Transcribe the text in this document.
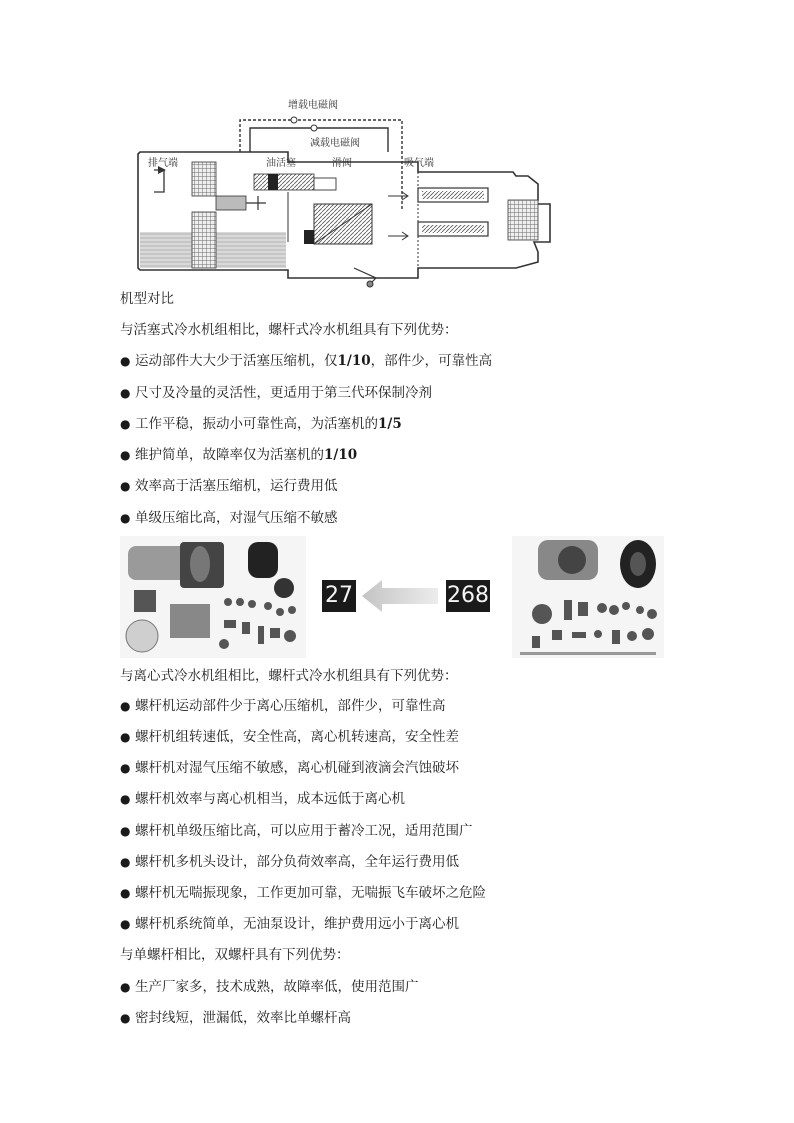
增载电磁阀
减载电磁阀
排气端	油活塞	滑阀	吸气端
机型对比
与活塞式冷水机组相比，螺杆式冷水机组具有下列优势：
● 运动部件大大少于活塞压缩机，仅1/10，部件少，可靠性高
● 尺寸及冷量的灵活性，更适用于第三代环保制冷剂
● 工作平稳，振动小可靠性高，为活塞机的1/5
● 维护简单，故障率仅为活塞机的1/10
● 效率高于活塞压缩机，运行费用低
● 单级压缩比高，对湿气压缩不敏感
27	268
与离心式冷水机组相比，螺杆式冷水机组具有下列优势：
● 螺杆机运动部件少于离心压缩机，部件少，可靠性高
● 螺杆机组转速低，安全性高，离心机转速高，安全性差
● 螺杆机对湿气压缩不敏感，离心机碰到液滴会汽蚀破坏
● 螺杆机效率与离心机相当，成本远低于离心机
● 螺杆机单级压缩比高，可以应用于蓄冷工况，适用范围广
● 螺杆机多机头设计，部分负荷效率高，全年运行费用低
● 螺杆机无喘振现象，工作更加可靠，无喘振飞车破坏之危险
● 螺杆机系统简单，无油泵设计，维护费用远小于离心机
与单螺杆相比，双螺杆具有下列优势：
● 生产厂家多，技术成熟，故障率低，使用范围广
● 密封线短，泄漏低，效率比单螺杆高
